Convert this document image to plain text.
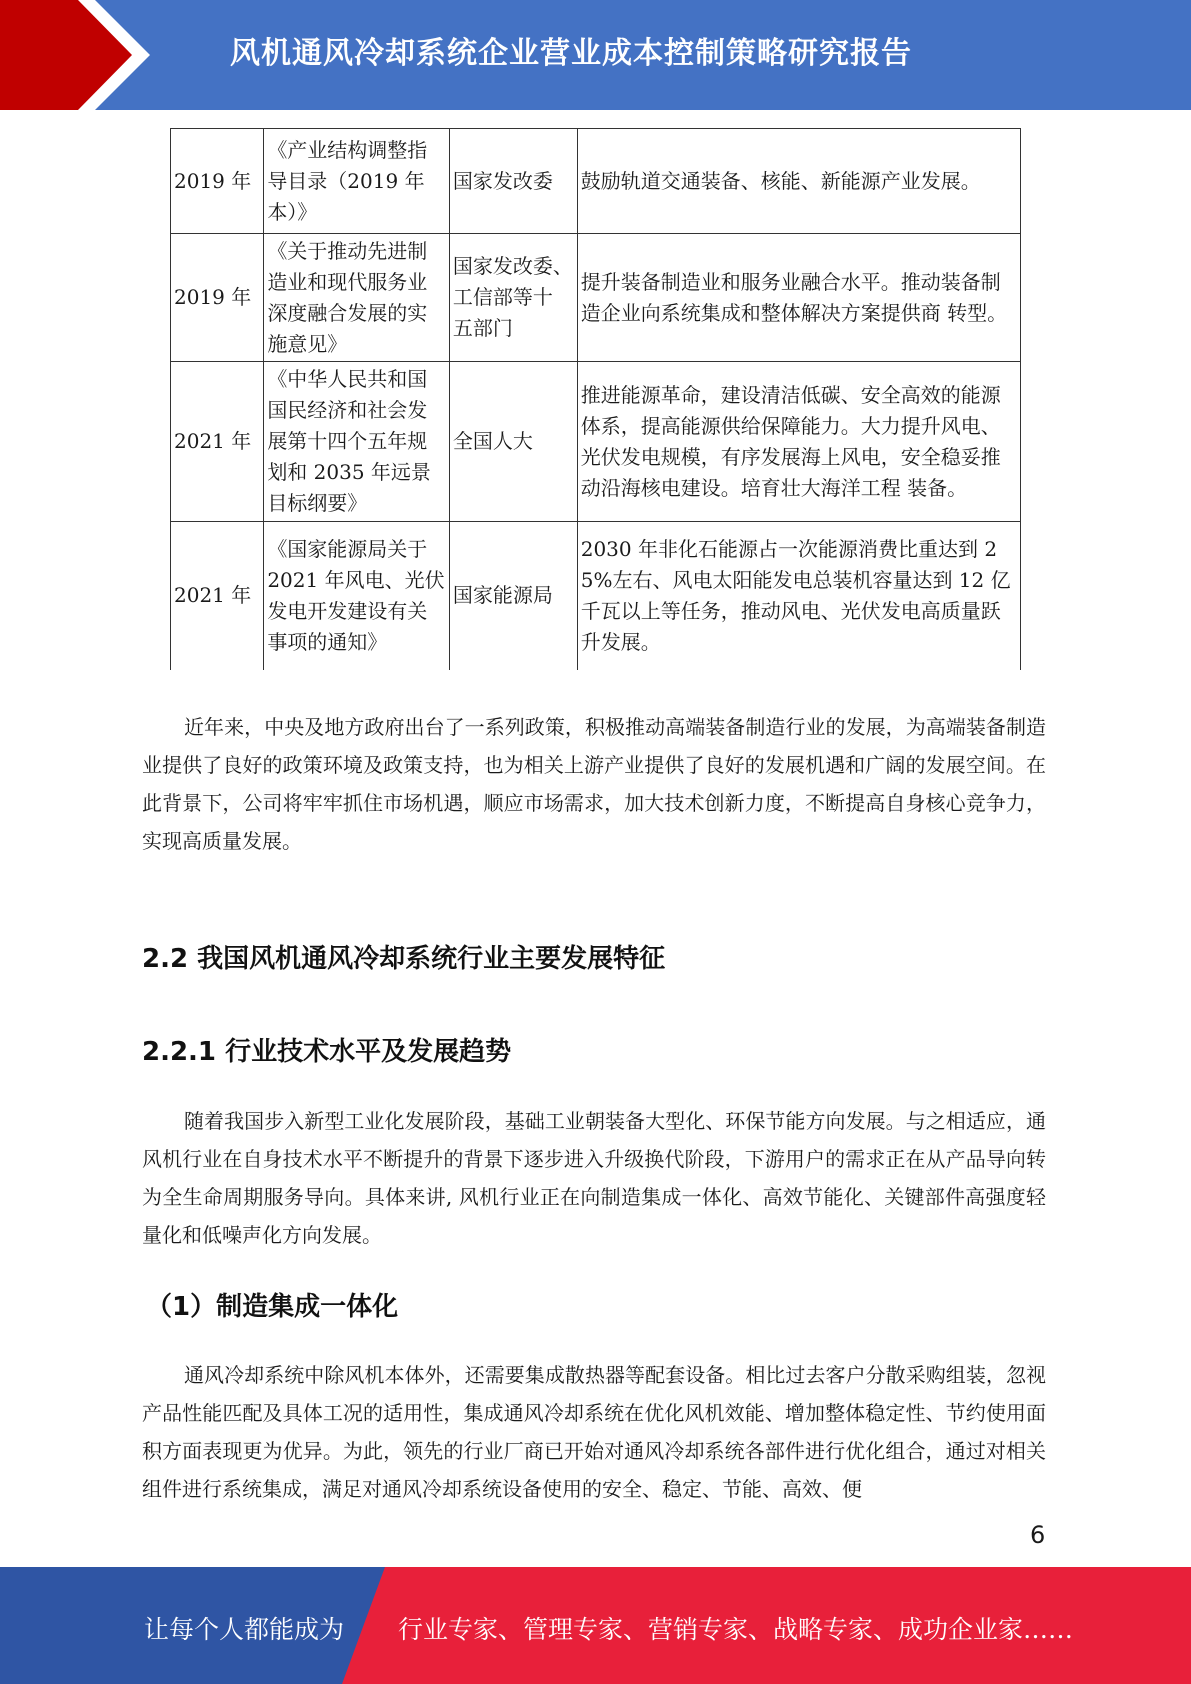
风机通风冷却系统企业营业成本控制策略研究报告
2019 年	《产业结构调整指导目录（2019 年本）》	国家发改委	鼓励轨道交通装备、核能、新能源产业发展。
2019 年	《关于推动先进制造业和现代服务业深度融合发展的实施意见》	国家发改委、 工信部等十 五部门	提升装备制造业和服务业融合水平。推动装备制造企业向系统集成和整体解决方案提供商 转型。
2021 年	《中华人民共和国国民经济和社会发展第十四个五年规划和 2035 年远景目标纲要》	全国人大	推进能源革命，建设清洁低碳、安全高效的能源体系，提高能源供给保障能力。大力提升风电、光伏发电规模，有序发展海上风电，安全稳妥推动沿海核电建设。培育壮大海洋工程 装备。
2021 年	《国家能源局关于 2021 年风电、光伏发电开发建设有关事项的通知》	国家能源局	2030 年非化石能源占一次能源消费比重达到 25%左右、风电太阳能发电总装机容量达到 12 亿千瓦以上等任务，推动风电、光伏发电高质量跃升发展。

近年来，中央及地方政府出台了一系列政策，积极推动高端装备制造行业的发展，为高端装备制造业提供了良好的政策环境及政策支持，也为相关上游产业提供了良好的发展机遇和广阔的发展空间。在此背景下，公司将牢牢抓住市场机遇，顺应市场需求，加大技术创新力度，不断提高自身核心竞争力，实现高质量发展。

2.2 我国风机通风冷却系统行业主要发展特征
2.2.1 行业技术水平及发展趋势

随着我国步入新型工业化发展阶段，基础工业朝装备大型化、环保节能方向发展。与之相适应，通风机行业在自身技术水平不断提升的背景下逐步进入升级换代阶段，下游用户的需求正在从产品导向转为全生命周期服务导向。具体来讲, 风机行业正在向制造集成一体化、高效节能化、关键部件高强度轻量化和低噪声化方向发展。

（1）制造集成一体化

通风冷却系统中除风机本体外，还需要集成散热器等配套设备。相比过去客户分散采购组装，忽视产品性能匹配及具体工况的适用性，集成通风冷却系统在优化风机效能、增加整体稳定性、节约使用面积方面表现更为优异。为此，领先的行业厂商已开始对通风冷却系统各部件进行优化组合，通过对相关组件进行系统集成，满足对通风冷却系统设备使用的安全、稳定、节能、高效、便

6
让每个人都能成为 行业专家、管理专家、营销专家、战略专家、成功企业家……
